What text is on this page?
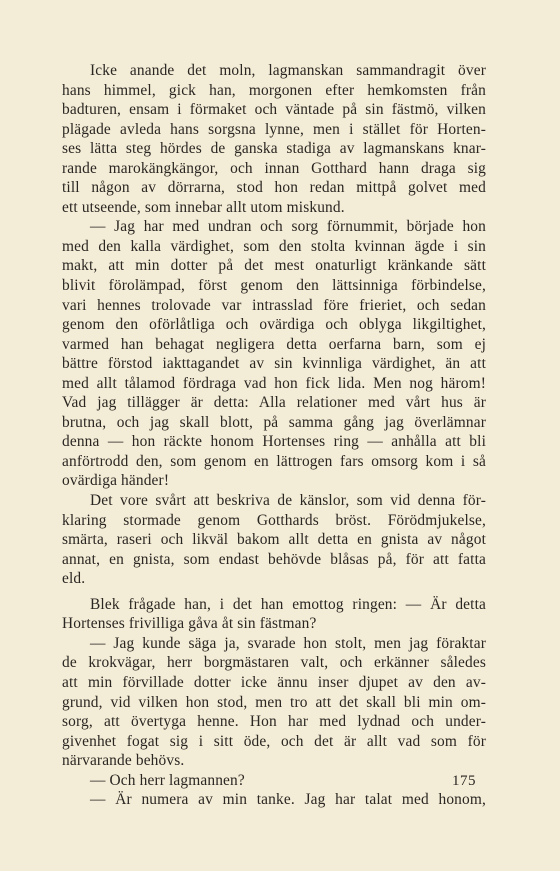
Icke anande det moln, lagmanskan sammandragit över
hans himmel, gick han, morgonen efter hemkomsten från
badturen, ensam i förmaket och väntade på sin fästmö, vilken
plägade avleda hans sorgsna lynne, men i stället för Horten-
ses lätta steg hördes de ganska stadiga av lagmanskans knar-
rande marokängkängor, och innan Gotthard hann draga sig
till någon av dörrarna, stod hon redan mittpå golvet med
ett utseende, som innebar allt utom miskund.
— Jag har med undran och sorg förnummit, började hon
med den kalla värdighet, som den stolta kvinnan ägde i sin
makt, att min dotter på det mest onaturligt kränkande sätt
blivit förolämpad, först genom den lättsinniga förbindelse,
vari hennes trolovade var intrasslad före frieriet, och sedan
genom den oförlåtliga och ovärdiga och oblyga likgiltighet,
varmed han behagat negligera detta oerfarna barn, som ej
bättre förstod iakttagandet av sin kvinnliga värdighet, än att
med allt tålamod fördraga vad hon fick lida. Men nog härom!
Vad jag tillägger är detta: Alla relationer med vårt hus är
brutna, och jag skall blott, på samma gång jag överlämnar
denna — hon räckte honom Hortenses ring — anhålla att bli
anförtrodd den, som genom en lättrogen fars omsorg kom i så
ovärdiga händer!
Det vore svårt att beskriva de känslor, som vid denna för-
klaring stormade genom Gotthards bröst. Förödmjukelse,
smärta, raseri och likväl bakom allt detta en gnista av något
annat, en gnista, som endast behövde blåsas på, för att fatta
eld.
Blek frågade han, i det han emottog ringen: — Är detta
Hortenses frivilliga gåva åt sin fästman?
— Jag kunde säga ja, svarade hon stolt, men jag föraktar
de krokvägar, herr borgmästaren valt, och erkänner således
att min förvillade dotter icke ännu inser djupet av den av-
grund, vid vilken hon stod, men tro att det skall bli min om-
sorg, att övertyga henne. Hon har med lydnad och under-
givenhet fogat sig i sitt öde, och det är allt vad som för
närvarande behövs.
— Och herr lagmannen?
— Är numera av min tanke. Jag har talat med honom,
175
